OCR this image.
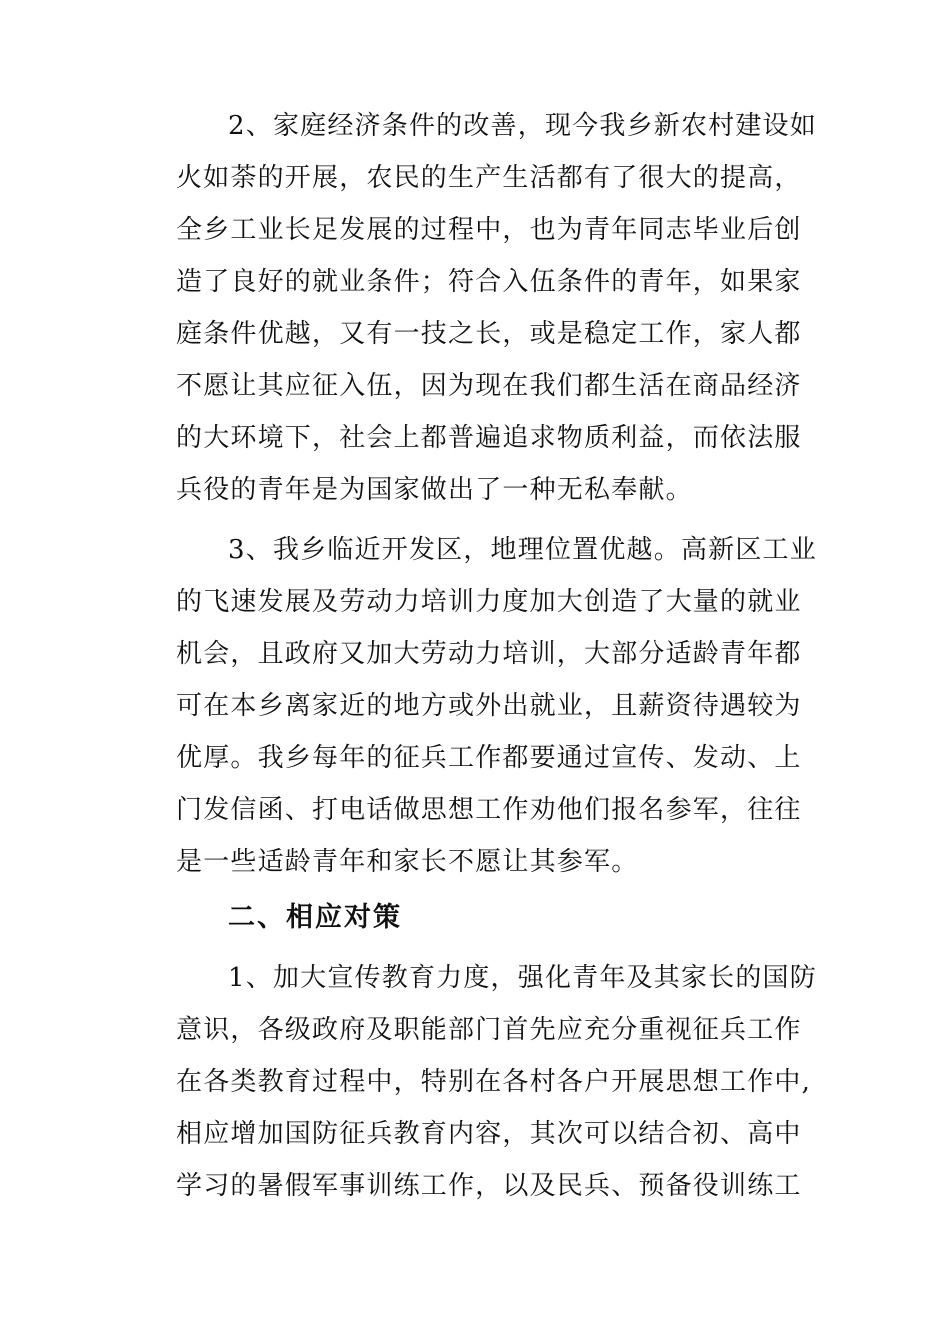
2、家庭经济条件的改善，现今我乡新农村建设如
火如荼的开展，农民的生产生活都有了很大的提高，
全乡工业长足发展的过程中，也为青年同志毕业后创
造了良好的就业条件；符合入伍条件的青年，如果家
庭条件优越，又有一技之长，或是稳定工作，家人都
不愿让其应征入伍，因为现在我们都生活在商品经济
的大环境下，社会上都普遍追求物质利益，而依法服
兵役的青年是为国家做出了一种无私奉献。
3、我乡临近开发区，地理位置优越。高新区工业
的飞速发展及劳动力培训力度加大创造了大量的就业
机会，且政府又加大劳动力培训，大部分适龄青年都
可在本乡离家近的地方或外出就业，且薪资待遇较为
优厚。我乡每年的征兵工作都要通过宣传、发动、上
门发信函、打电话做思想工作劝他们报名参军，往往
是一些适龄青年和家长不愿让其参军。
二、相应对策
1、加大宣传教育力度，强化青年及其家长的国防
意识，各级政府及职能部门首先应充分重视征兵工作
在各类教育过程中，特别在各村各户开展思想工作中,
相应增加国防征兵教育内容，其次可以结合初、高中
学习的暑假军事训练工作，以及民兵、预备役训练工
